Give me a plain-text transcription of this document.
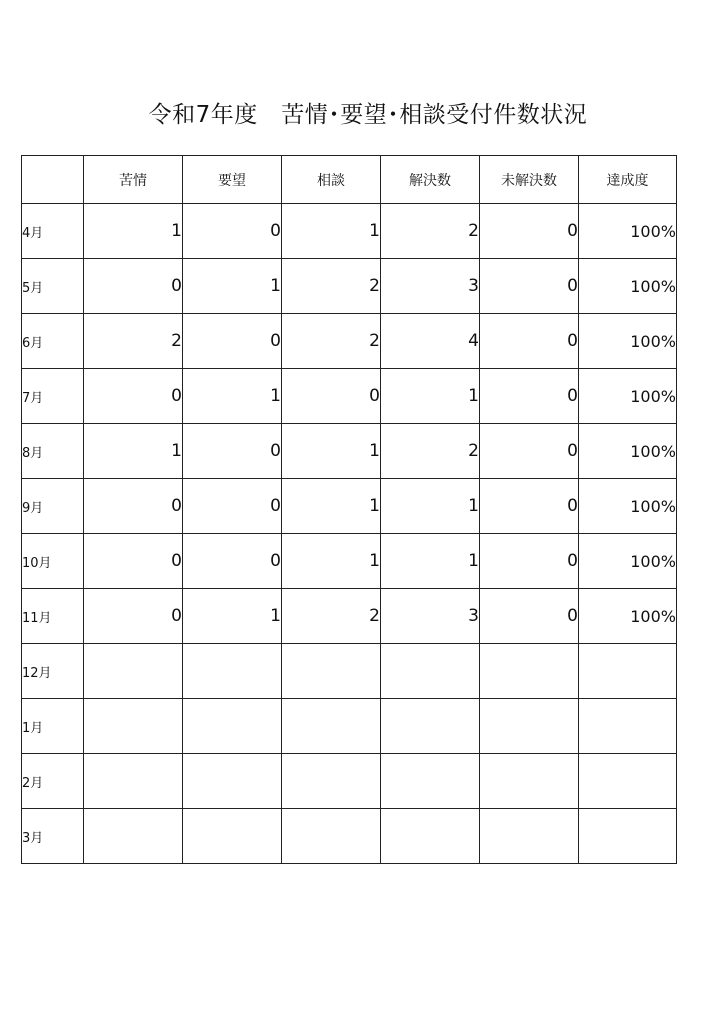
令和7年度　苦情･要望･相談受付件数状況
	苦情	要望	相談	解決数	未解決数	達成度
4月	1	0	1	2	0	100%
5月	0	1	2	3	0	100%
6月	2	0	2	4	0	100%
7月	0	1	0	1	0	100%
8月	1	0	1	2	0	100%
9月	0	0	1	1	0	100%
10月	0	0	1	1	0	100%
11月	0	1	2	3	0	100%
12月						
1月						
2月						
3月						
